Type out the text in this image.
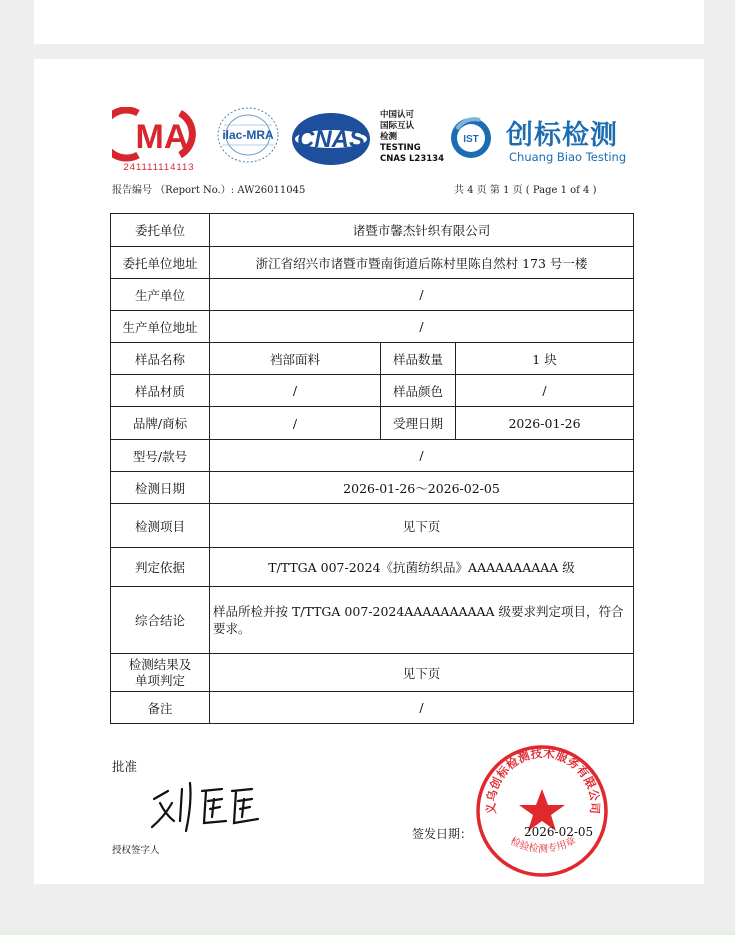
MA
241111114113
ilac-MRA CNAS
中国认可
国际互认
检测
TESTING
CNAS L23134
IST 创标检测
Chuang Biao Testing
报告编号 （Report No.）: AW26011045	共 4 页 第 1 页 ( Page 1 of 4 )
委托单位	诸暨市馨杰针织有限公司		
委托单位地址	浙江省绍兴市诸暨市暨南街道后陈村里陈自然村 173 号一楼		
生产单位	/		
生产单位地址	/		
样品名称	裆部面料	样品数量	1 块
样品材质	/	样品颜色	/
品牌/商标	/	受理日期	2026-01-26
型号/款号	/		
检测日期	2026-01-26～2026-02-05		
检测项目	见下页		
判定依据	T/TTGA 007-2024《抗菌纺织品》AAAAAAAAAA 级		
综合结论	样品所检并按 T/TTGA 007-2024AAAAAAAAAA 级要求判定项目，符合要求。		

检测结果及
单项判定	见下页		
备注	/		
批准
授权签字人
义乌创标检测技术服务有限公司
检验检测专用章
签发日期：	2026-02-05
